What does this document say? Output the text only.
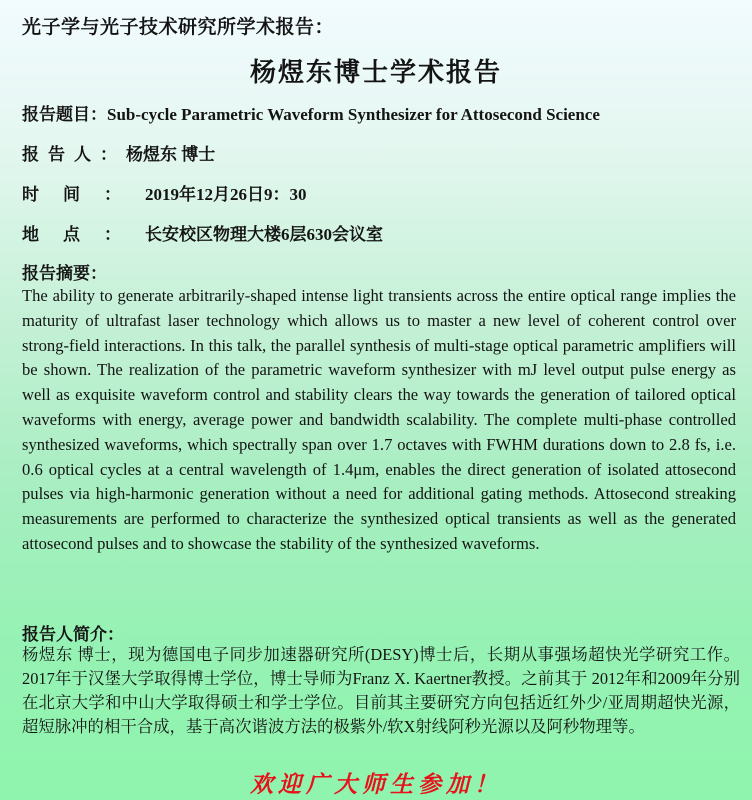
光子学与光子技术研究所学术报告：
杨煜东博士学术报告
报告题目：Sub-cycle Parametric Waveform Synthesizer for Attosecond Science
报告人：杨煜东 博士
时间：2019年12月26日9：30
地点：长安校区物理大楼6层630会议室
报告摘要：
The ability to generate arbitrarily-shaped intense light transients across the entire optical range implies the maturity of ultrafast laser technology which allows us to master a new level of coherent control over strong-field interactions. In this talk, the parallel synthesis of multi-stage optical parametric amplifiers will be shown. The realization of the parametric waveform synthesizer with mJ level output pulse energy as well as exquisite waveform control and stability clears the way towards the generation of tailored optical waveforms with energy, average power and bandwidth scalability. The complete multi-phase controlled synthesized waveforms, which spectrally span over 1.7 octaves with FWHM durations down to 2.8 fs, i.e. 0.6 optical cycles at a central wavelength of 1.4μm, enables the direct generation of isolated attosecond pulses via high-harmonic generation without a need for additional gating methods. Attosecond streaking measurements are performed to characterize the synthesized optical transients as well as the generated attosecond pulses and to showcase the stability of the synthesized waveforms.
报告人简介：
杨煜东 博士，现为德国电子同步加速器研究所(DESY)博士后，长期从事强场超快光学研究工作。2017年于汉堡大学取得博士学位，博士导师为Franz X. Kaertner教授。之前其于 2012年和2009年分别在北京大学和中山大学取得硕士和学士学位。目前其主要研究方向包括近红外少/亚周期超快光源，超短脉冲的相干合成，基于高次谐波方法的极紫外/软X射线阿秒光源以及阿秒物理等。
欢迎广大师生参加！
